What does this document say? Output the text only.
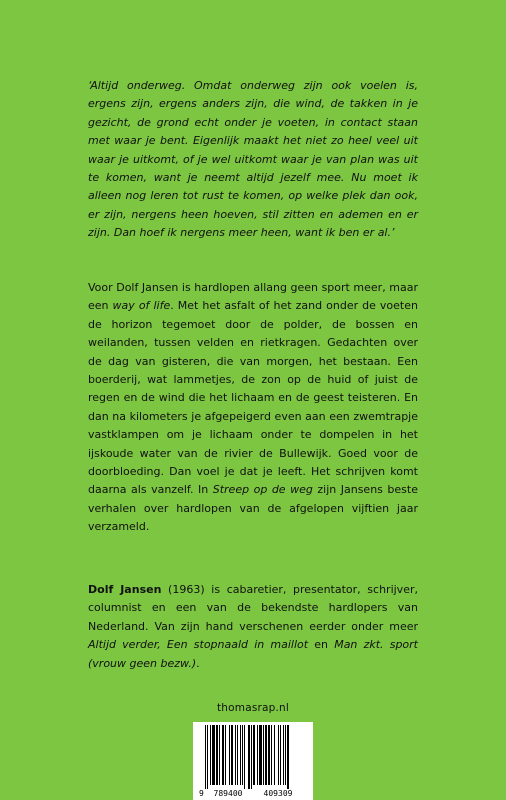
‘Altijd onderweg. Omdat onderweg zijn ook voelen is, ergens zijn, ergens anders zijn, die wind, de takken in je gezicht, de grond echt onder je voeten, in contact staan met waar je bent. Eigenlijk maakt het niet zo heel veel uit waar je uitkomt, of je wel uitkomt waar je van plan was uit te komen, want je neemt altijd jezelf mee. Nu moet ik alleen nog leren tot rust te komen, op welke plek dan ook, er zijn, nergens heen hoeven, stil zitten en ademen en er zijn. Dan hoef ik nergens meer heen, want ik ben er al.’

Voor Dolf Jansen is hardlopen allang geen sport meer, maar een way of life. Met het asfalt of het zand onder de voeten de horizon tegemoet door de polder, de bossen en weilanden, tussen velden en rietkragen. Gedachten over de dag van gisteren, die van morgen, het bestaan. Een boerderij, wat lammetjes, de zon op de huid of juist de regen en de wind die het lichaam en de geest teisteren. En dan na kilometers je afgepeigerd even aan een zwemtrapje vastklampen om je lichaam onder te dompelen in het ijskoude water van de rivier de Bullewijk. Goed voor de doorbloeding. Dan voel je dat je leeft. Het schrijven komt daarna als vanzelf. In Streep op de weg zijn Jansens beste verhalen over hardlopen van de afgelopen vijftien jaar verzameld.

Dolf Jansen (1963) is cabaretier, presentator, schrijver, columnist en een van de bekendste hardlopers van Nederland. Van zijn hand verschenen eerder onder meer Altijd verder, Een stopnaald in maillot en Man zkt. sport (vrouw geen bezw.).

thomasrap.nl
9 789400	409309
